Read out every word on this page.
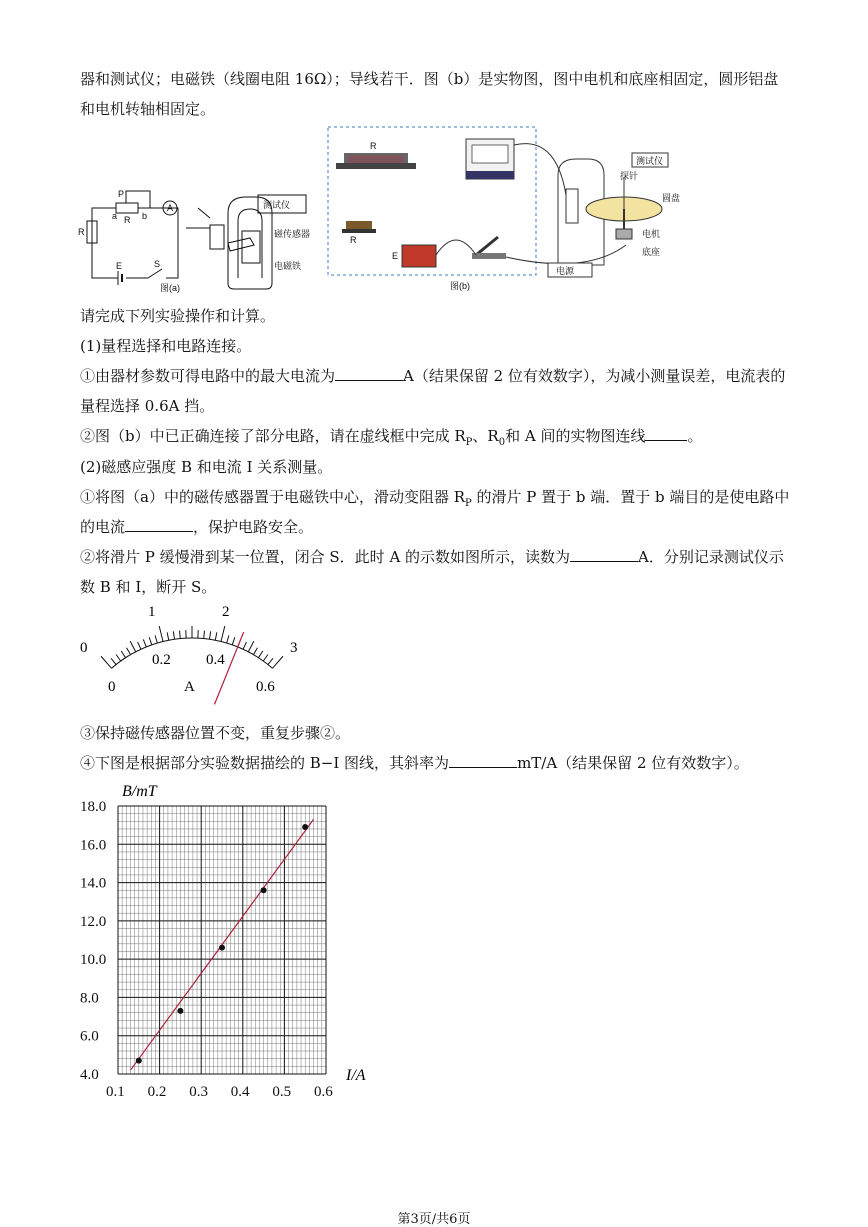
器和测试仪；电磁铁（线圈电阻 16Ω）；导线若干．图（b）是实物图，图中电机和底座相固定，圆形铝盘
和电机转轴相固定。
P
a R b
A
R
E	S
测试仪
磁传感器
电磁铁
图(a)
R
R
E
测试仪
探针
圆盘
电机
底座
电源
图(b)
请完成下列实验操作和计算。
(1)量程选择和电路连接。
①由器材参数可得电路中的最大电流为	A（结果保留 2 位有效数字），为减小测量误差，电流表的
量程选择 0.6A 挡。
②图（b）中已正确连接了部分电路，请在虚线框中完成 $R_P$、$R_0$和 A 间的实物图连线	。
(2)磁感应强度 B 和电流 I 关系测量。
①将图（a）中的磁传感器置于电磁铁中心，滑动变阻器 $R_P$ 的滑片 P 置于 b 端．置于 b 端目的是使电路中
的电流	，保护电路安全。
②将滑片 P 缓慢滑到某一位置，闭合 S．此时 A 的示数如图所示，读数为	A．分别记录测试仪示
数 B 和 I，断开 S。
0
1	2
3
0
0.2 0.4
0.6
A
③保持磁传感器位置不变，重复步骤②。
④下图是根据部分实验数据描绘的 B−I 图线，其斜率为	mT/A（结果保留 2 位有效数字）。
0.1 0.2 0.3 0.4 0.5 0.6
4.0
6.0
8.0
10.0
12.0
14.0
16.0
18.0
B/mT
I/A
第3页/共6页
